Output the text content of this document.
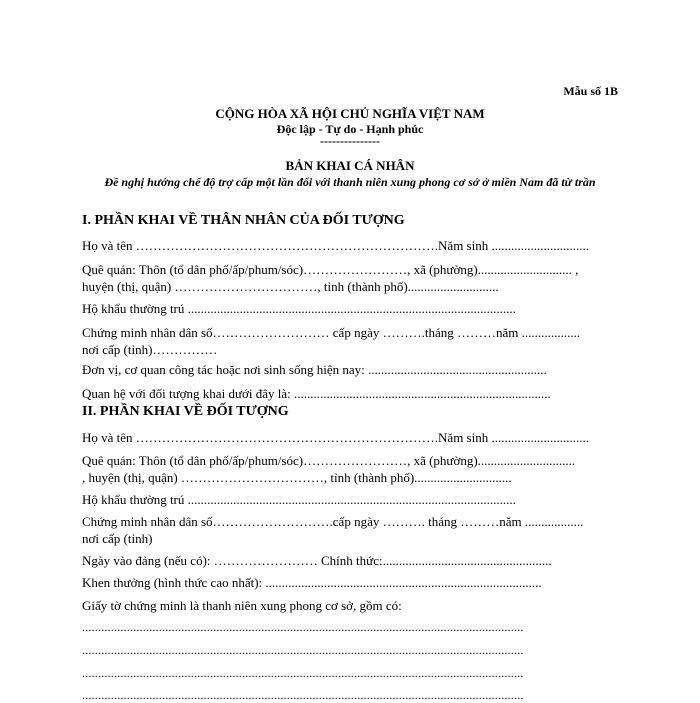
Mẫu số 1B
CỘNG HÒA XÃ HỘI CHỦ NGHĨA VIỆT NAM
Độc lập - Tự do - Hạnh phúc
---------------
BẢN KHAI CÁ NHÂN
Đề nghị hưởng chế độ trợ cấp một lần đối với thanh niên xung phong cơ sở ở miền Nam đã từ trần
I. PHẦN KHAI VỀ THÂN NHÂN CỦA ĐỐI TƯỢNG
Họ và tên …………………………………………………………….Năm sinh ..............................
Quê quán: Thôn (tổ dân phố/ấp/phum/sóc)……………………, xã (phường)............................. ,
huyện (thị, quận) ……………………………, tỉnh (thành phố)............................
Hộ khẩu thường trú .....................................................................................................
Chứng minh nhân dân số……………………… cấp ngày ……….tháng ………năm ..................
nơi cấp (tỉnh)……………
Đơn vị, cơ quan công tác hoặc nơi sinh sống hiện nay: .......................................................
Quan hệ với đối tượng khai dưới đây là: ...............................................................................
II. PHẦN KHAI VỀ ĐỐI TƯỢNG
Họ và tên …………………………………………………………….Năm sinh ..............................
Quê quán: Thôn (tổ dân phố/ấp/phum/sóc)……………………, xã (phường)..............................
, huyện (thị, quận) ……………………………, tỉnh (thành phố)..............................
Hộ khẩu thường trú .....................................................................................................
Chứng minh nhân dân số……………………….cấp ngày ………. tháng ………năm ..................
nơi cấp (tỉnh)
Ngày vào đảng (nếu có): …………………… Chính thức:....................................................
Khen thưởng (hình thức cao nhất): .....................................................................................
Giấy tờ chứng minh là thanh niên xung phong cơ sở, gồm có:
..........................................................................................................................................
..........................................................................................................................................
..........................................................................................................................................
..........................................................................................................................................
